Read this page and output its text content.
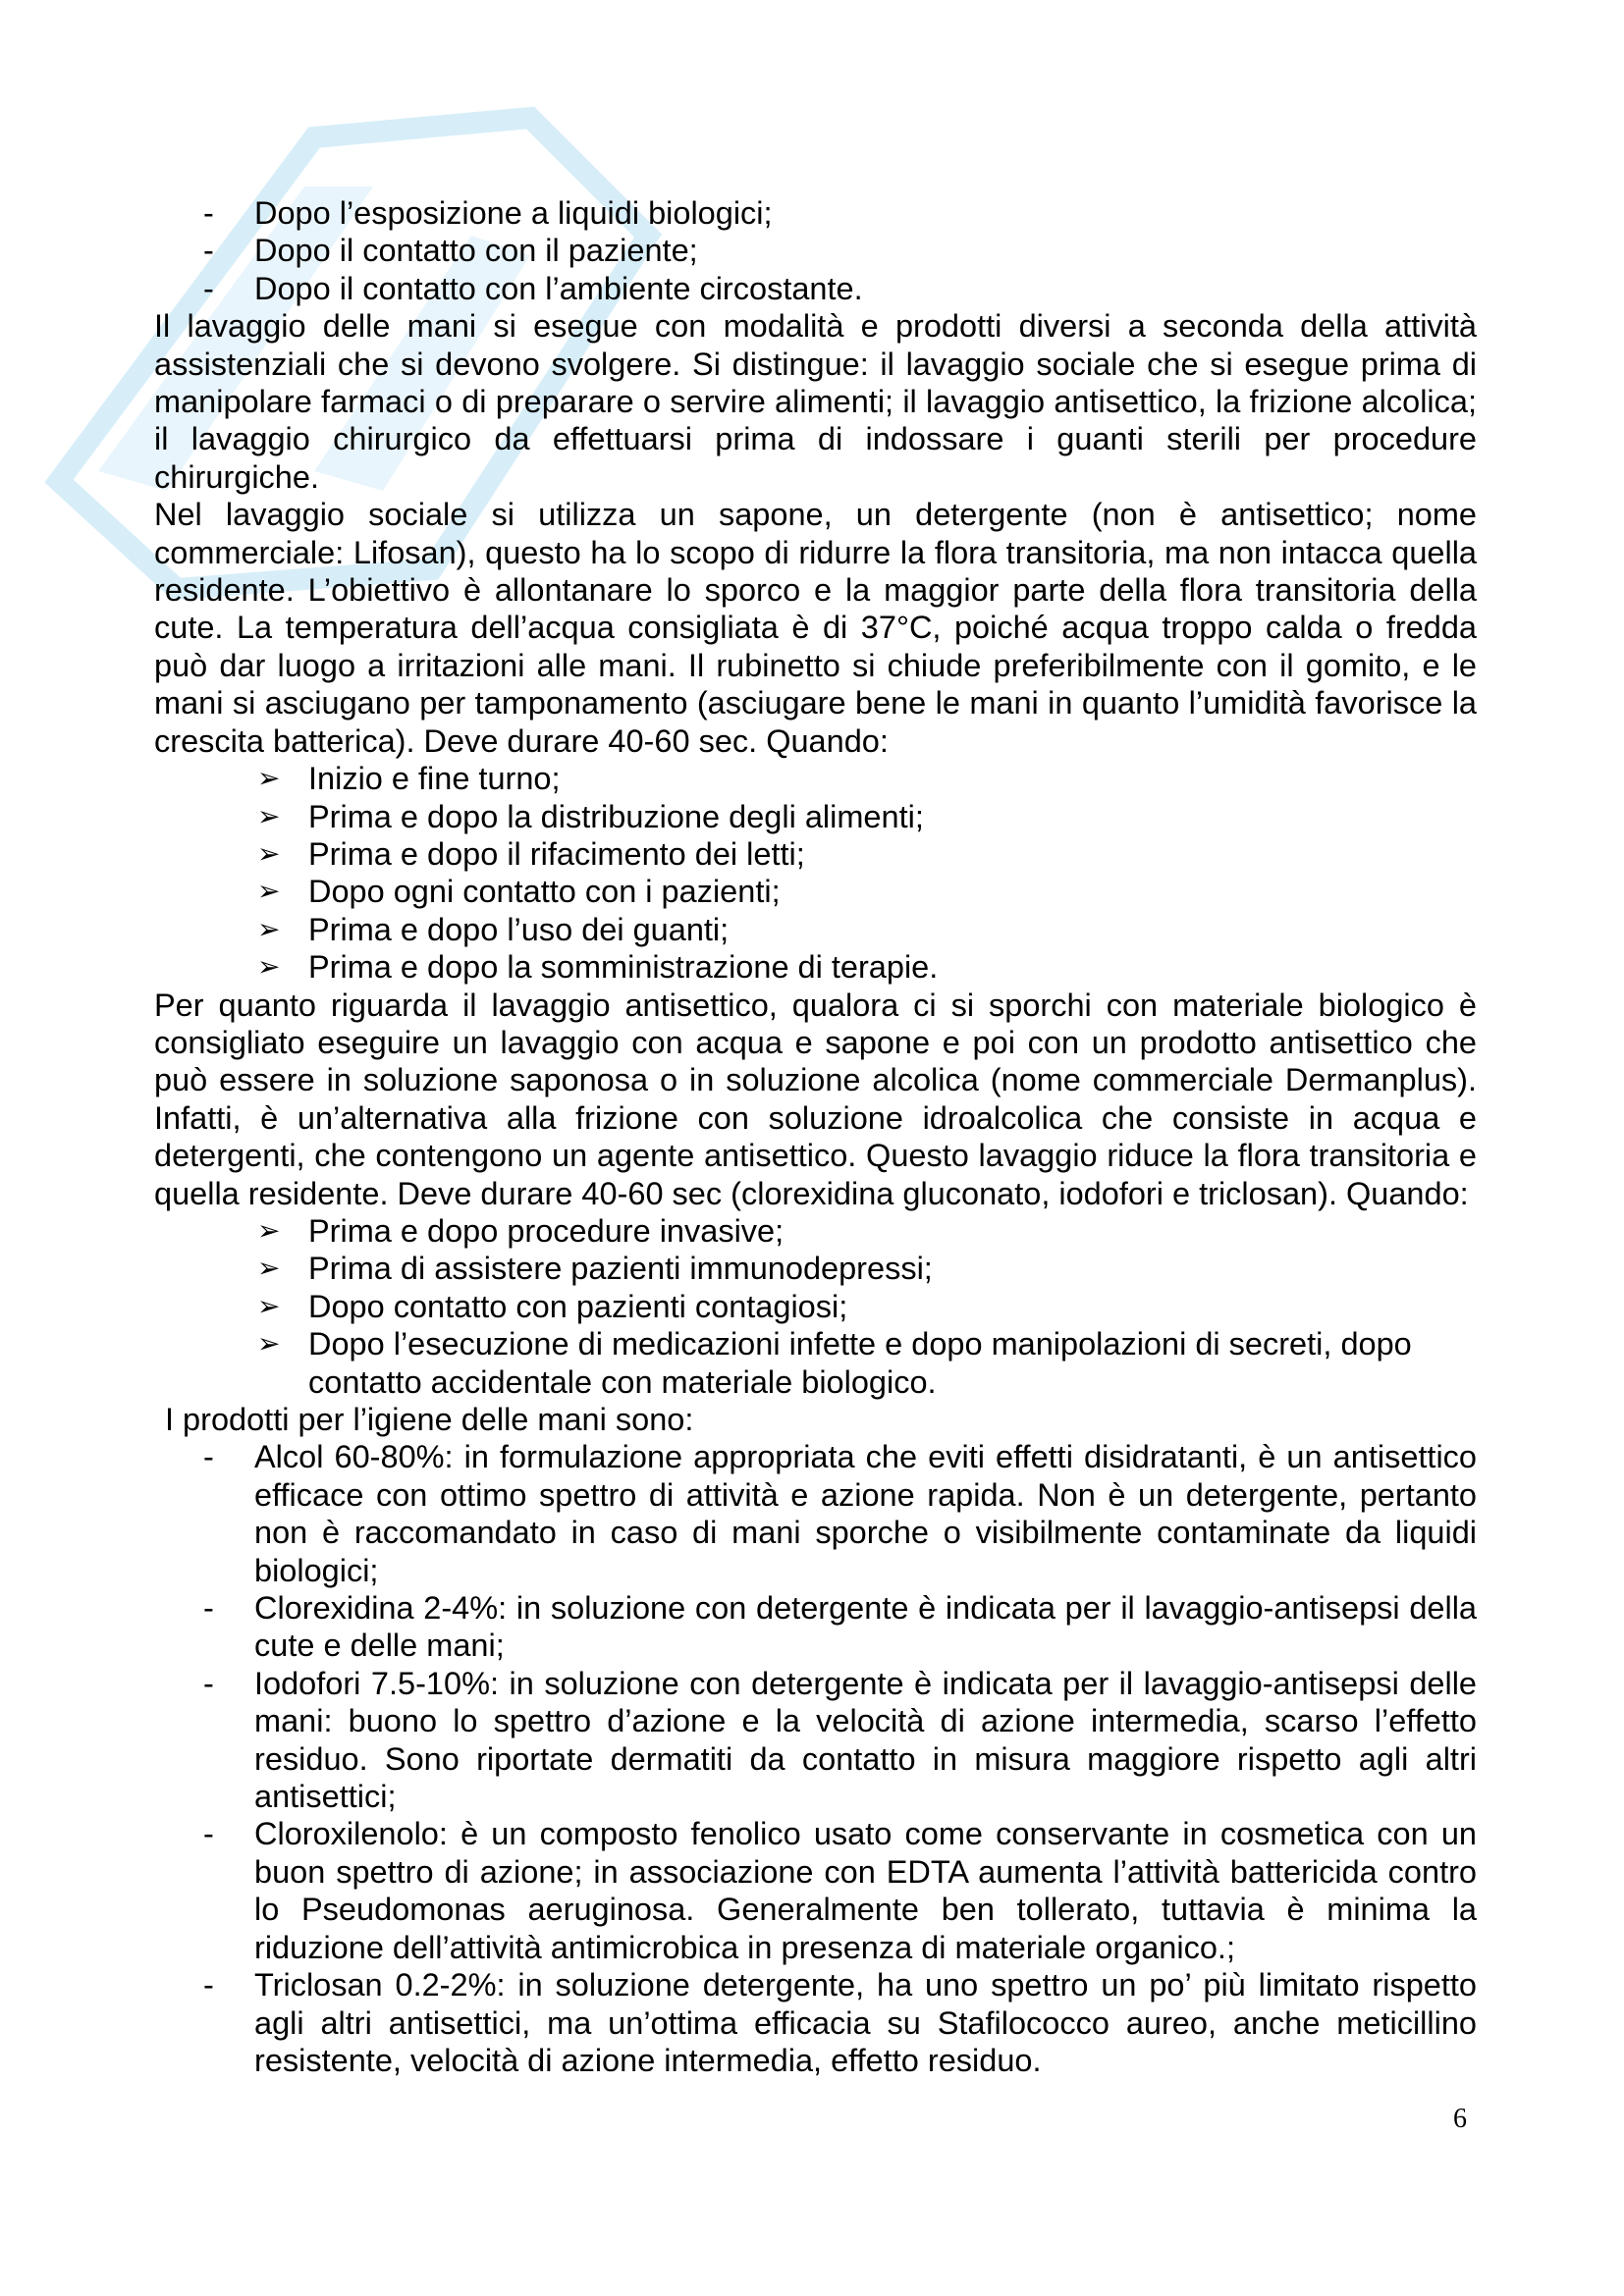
- Dopo l’esposizione a liquidi biologici;
- Dopo il contatto con il paziente;
- Dopo il contatto con l’ambiente circostante.

Il lavaggio delle mani si esegue con modalità e prodotti diversi a seconda della attività assistenziali che si devono svolgere. Si distingue: il lavaggio sociale che si esegue prima di manipolare farmaci o di preparare o servire alimenti; il lavaggio antisettico, la frizione alcolica; il lavaggio chirurgico da effettuarsi prima di indossare i guanti sterili per procedure chirurgiche.

Nel lavaggio sociale si utilizza un sapone, un detergente (non è antisettico; nome commerciale: Lifosan), questo ha lo scopo di ridurre la flora transitoria, ma non intacca quella residente. L’obiettivo è allontanare lo sporco e la maggior parte della flora transitoria della cute. La temperatura dell’acqua consigliata è di 37°C, poiché acqua troppo calda o fredda può dar luogo a irritazioni alle mani. Il rubinetto si chiude preferibilmente con il gomito, e le mani si asciugano per tamponamento (asciugare bene le mani in quanto l’umidità favorisce la crescita batterica). Deve durare 40-60 sec. Quando:

➢ Inizio e fine turno;
➢ Prima e dopo la distribuzione degli alimenti;
➢ Prima e dopo il rifacimento dei letti;
➢ Dopo ogni contatto con i pazienti;
➢ Prima e dopo l’uso dei guanti;
➢ Prima e dopo la somministrazione di terapie.

Per quanto riguarda il lavaggio antisettico, qualora ci si sporchi con materiale biologico è consigliato eseguire un lavaggio con acqua e sapone e poi con un prodotto antisettico che può essere in soluzione saponosa o in soluzione alcolica (nome commerciale Dermanplus). Infatti, è un’alternativa alla frizione con soluzione idroalcolica che consiste in acqua e detergenti, che contengono un agente antisettico. Questo lavaggio riduce la flora transitoria e quella residente. Deve durare 40-60 sec (clorexidina gluconato, iodofori e triclosan). Quando:

➢ Prima e dopo procedure invasive;
➢ Prima di assistere pazienti immunodepressi;
➢ Dopo contatto con pazienti contagiosi;
➢ Dopo l’esecuzione di medicazioni infette e dopo manipolazioni di secreti, dopo contatto accidentale con materiale biologico.

I prodotti per l’igiene delle mani sono:

- Alcol 60-80%: in formulazione appropriata che eviti effetti disidratanti, è un antisettico efficace con ottimo spettro di attività e azione rapida. Non è un detergente, pertanto non è raccomandato in caso di mani sporche o visibilmente contaminate da liquidi biologici;
- Clorexidina 2-4%: in soluzione con detergente è indicata per il lavaggio-antisepsi della cute e delle mani;
- Iodofori 7.5-10%: in soluzione con detergente è indicata per il lavaggio-antisepsi delle mani: buono lo spettro d’azione e la velocità di azione intermedia, scarso l’effetto residuo. Sono riportate dermatiti da contatto in misura maggiore rispetto agli altri antisettici;
- Cloroxilenolo: è un composto fenolico usato come conservante in cosmetica con un buon spettro di azione; in associazione con EDTA aumenta l’attività battericida contro lo Pseudomonas aeruginosa. Generalmente ben tollerato, tuttavia è minima la riduzione dell’attività antimicrobica in presenza di materiale organico.;
- Triclosan 0.2-2%: in soluzione detergente, ha uno spettro un po’ più limitato rispetto agli altri antisettici, ma un’ottima efficacia su Stafilococco aureo, anche meticillino resistente, velocità di azione intermedia, effetto residuo.
6
